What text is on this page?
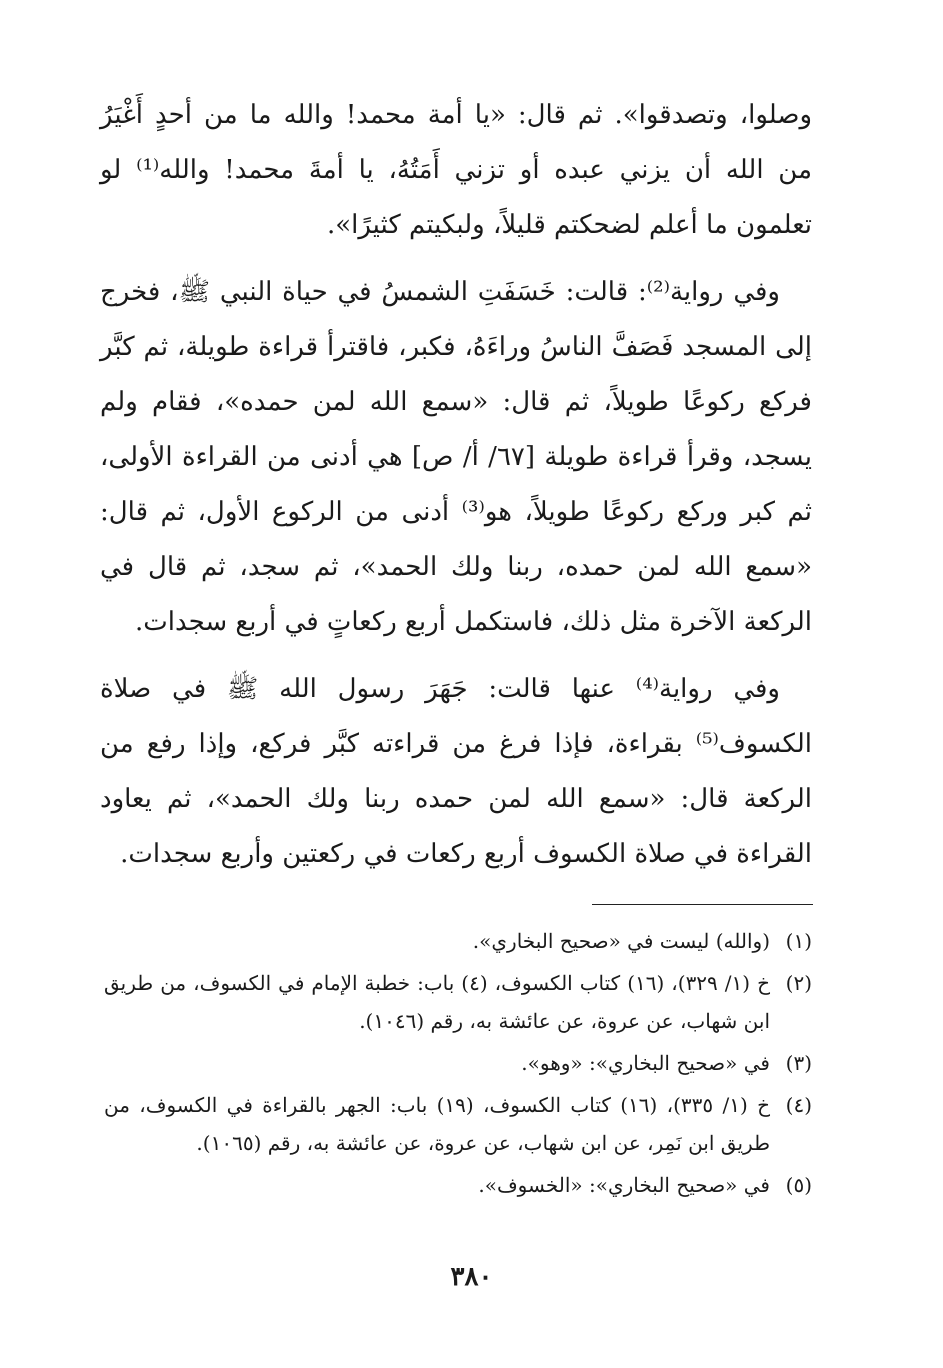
وصلوا، وتصدقوا». ثم قال: «يا أمة محمد! والله ما من أحدٍ أَغْيَرُ من الله أن يزني عبده أو تزني أَمَتُهُ، يا أمةَ محمد! والله⁽¹⁾ لو تعلمون ما أعلم لضحكتم قليلاً، ولبكيتم كثيرًا».

وفي رواية⁽²⁾: قالت: خَسَفَتِ الشمسُ في حياة النبي ﷺ، فخرج إلى المسجد فَصَفَّ الناسُ وراءَهُ، فكبر، فاقترأ قراءة طويلة، ثم كبَّر فركع ركوعًا طويلاً، ثم قال: «سمع الله لمن حمده»، فقام ولم يسجد، وقرأ قراءة طويلة [٦٧/ أ/ ص] هي أدنى من القراءة الأولى، ثم كبر وركع ركوعًا طويلاً، هو⁽³⁾ أدنى من الركوع الأول، ثم قال: «سمع الله لمن حمده، ربنا ولك الحمد»، ثم سجد، ثم قال في الركعة الآخرة مثل ذلك، فاستكمل أربع ركعاتٍ في أربع سجدات.

وفي رواية⁽⁴⁾ عنها قالت: جَهَرَ رسول الله ﷺ في صلاة الكسوف⁽⁵⁾ بقراءة، فإذا فرغ من قراءته كبَّر فركع، وإذا رفع من الركعة قال: «سمع الله لمن حمده ربنا ولك الحمد»، ثم يعاود القراءة في صلاة الكسوف أربع ركعات في ركعتين وأربع سجدات.

(١)
(والله) ليست في «صحيح البخاري».
(٢)
خ (١/ ٣٢٩)، (١٦) كتاب الكسوف، (٤) باب: خطبة الإمام في الكسوف، من طريق ابن شهاب، عن عروة، عن عائشة به، رقم (١٠٤٦).
(٣)
في «صحيح البخاري»: «وهو».
(٤)
خ (١/ ٣٣٥)، (١٦) كتاب الكسوف، (١٩) باب: الجهر بالقراءة في الكسوف، من طريق ابن نَمِر، عن ابن شهاب، عن عروة، عن عائشة به، رقم (١٠٦٥).
(٥)
في «صحيح البخاري»: «الخسوف».
٣٨٠
